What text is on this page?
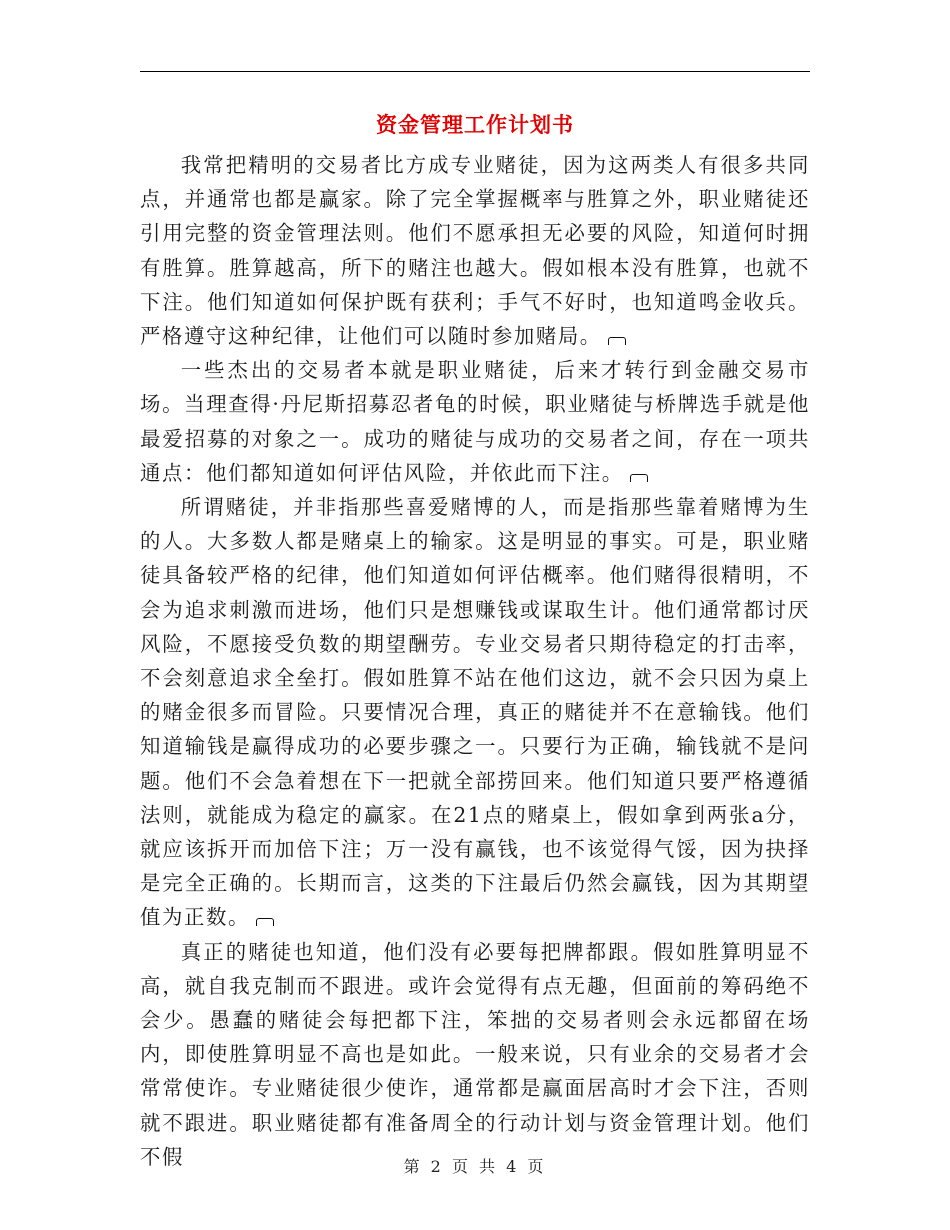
资金管理工作计划书

我常把精明的交易者比方成专业赌徒，因为这两类人有很多共同点，并通常也都是赢家。除了完全掌握概率与胜算之外，职业赌徒还引用完整的资金管理法则。他们不愿承担无必要的风险，知道何时拥有胜算。胜算越高，所下的赌注也越大。假如根本没有胜算，也就不下注。他们知道如何保护既有获利；手气不好时，也知道鸣金收兵。严格遵守这种纪律，让他们可以随时参加赌局。

一些杰出的交易者本就是职业赌徒，后来才转行到金融交易市场。当理查得·丹尼斯招募忍者龟的时候，职业赌徒与桥牌选手就是他最爱招募的对象之一。成功的赌徒与成功的交易者之间，存在一项共通点：他们都知道如何评估风险，并依此而下注。

所谓赌徒，并非指那些喜爱赌博的人，而是指那些靠着赌博为生的人。大多数人都是赌桌上的输家。这是明显的事实。可是，职业赌徒具备较严格的纪律，他们知道如何评估概率。他们赌得很精明，不会为追求刺激而进场，他们只是想赚钱或谋取生计。他们通常都讨厌风险，不愿接受负数的期望酬劳。专业交易者只期待稳定的打击率，不会刻意追求全垒打。假如胜算不站在他们这边，就不会只因为桌上的赌金很多而冒险。只要情况合理，真正的赌徒并不在意输钱。他们知道输钱是赢得成功的必要步骤之一。只要行为正确，输钱就不是问题。他们不会急着想在下一把就全部捞回来。他们知道只要严格遵循法则，就能成为稳定的赢家。在21点的赌桌上，假如拿到两张a分，就应该拆开而加倍下注；万一没有赢钱，也不该觉得气馁，因为抉择是完全正确的。长期而言，这类的下注最后仍然会赢钱，因为其期望值为正数。

真正的赌徒也知道，他们没有必要每把牌都跟。假如胜算明显不高，就自我克制而不跟进。或许会觉得有点无趣，但面前的筹码绝不会少。愚蠢的赌徒会每把都下注，笨拙的交易者则会永远都留在场内，即使胜算明显不高也是如此。一般来说，只有业余的交易者才会常常使诈。专业赌徒很少使诈，通常都是赢面居高时才会下注，否则就不跟进。职业赌徒都有准备周全的行动计划与资金管理计划。他们不假	第 2 页 共 4 页
